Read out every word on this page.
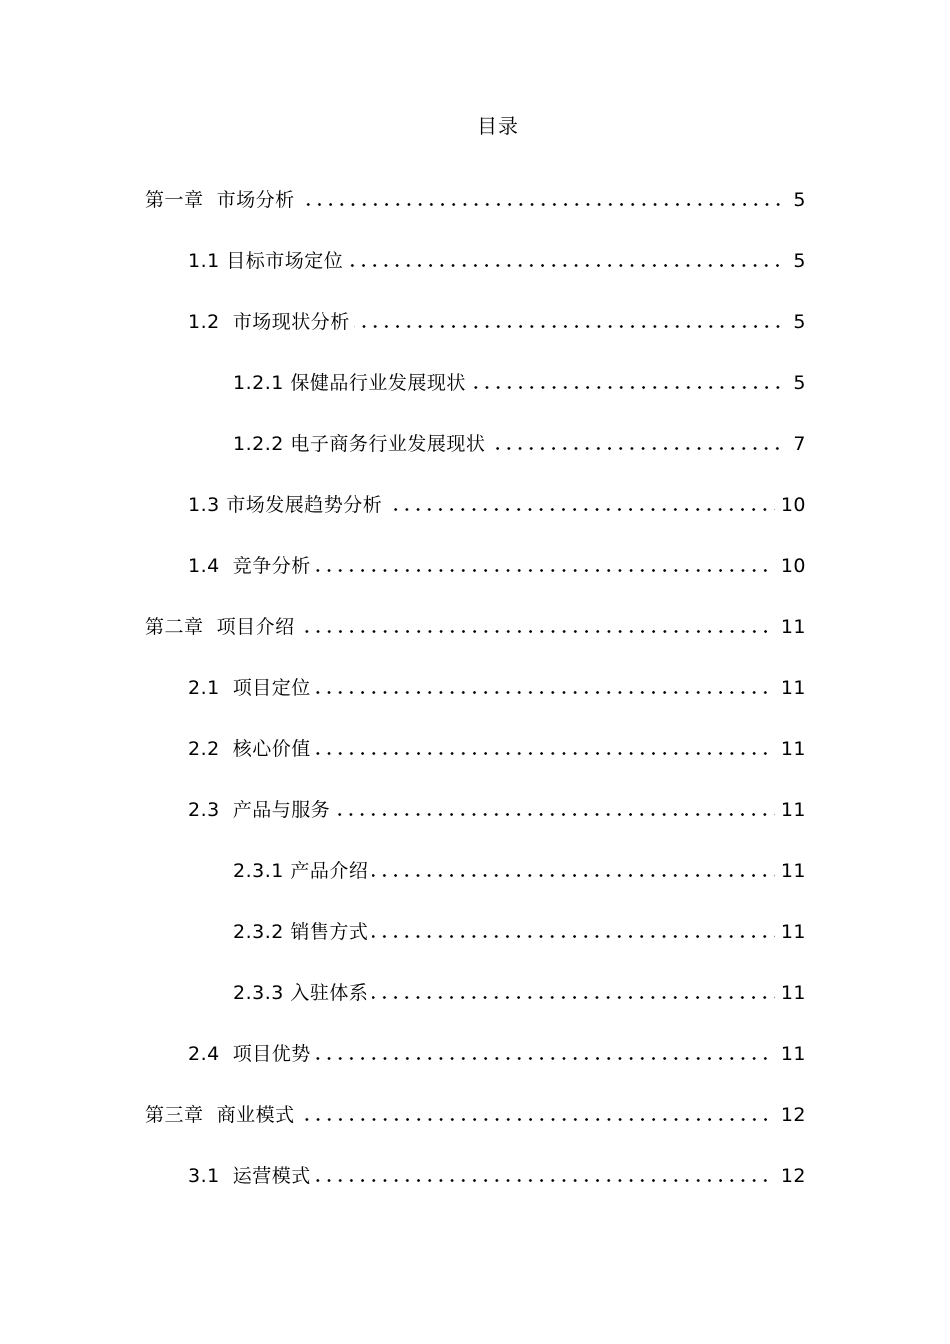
目录
第一章  市场分析	5
1.1 目标市场定位	5
1.2  市场现状分析	5
1.2.1 保健品行业发展现状	5
1.2.2 电子商务行业发展现状	7
1.3 市场发展趋势分析	10
1.4  竞争分析	10
第二章  项目介绍	11
2.1  项目定位	11
2.2  核心价值	11
2.3  产品与服务	11
2.3.1 产品介绍	11
2.3.2 销售方式	11
2.3.3 入驻体系	11
2.4  项目优势	11
第三章  商业模式	12
3.1  运营模式	12
